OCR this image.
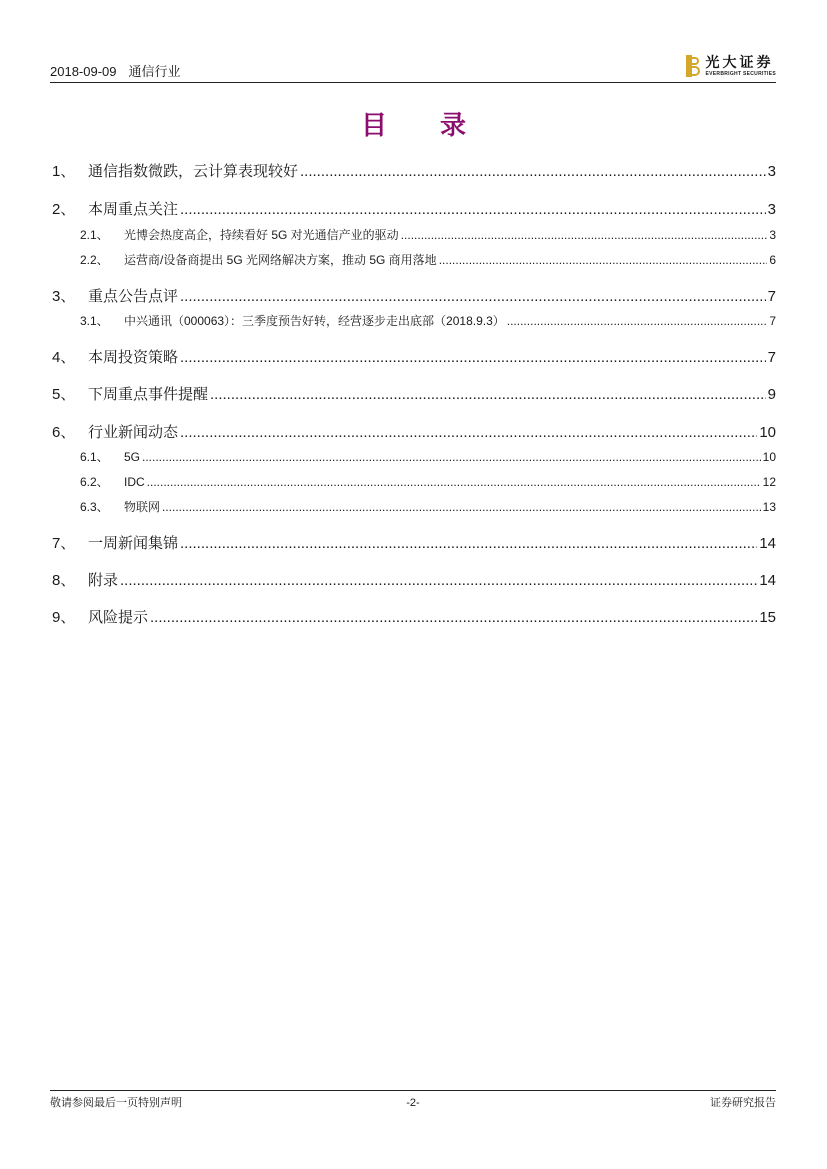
2018-09-09 通信行业
光大证券
EVERBRIGHT SECURITIES
目 录
1、 通信指数微跌，云计算表现较好 .....	3
2、 本周重点关注 .....	3
2.1、	光博会热度高企，持续看好 5G 对光通信产业的驱动 .....	3
2.2、	运营商/设备商提出 5G 光网络解决方案，推动 5G 商用落地 .....	6
3、 重点公告点评 .....	7
3.1、	中兴通讯（000063）：三季度预告好转，经营逐步走出底部（2018.9.3） .....	7
4、 本周投资策略 .....	7
5、 下周重点事件提醒 .....	9
6、 行业新闻动态 .....	10
6.1、	5G .....	10
6.2、	IDC .....	12
6.3、	物联网 .....	13
7、 一周新闻集锦 .....	14
8、 附录 .....	14
9、 风险提示 .....	15
敬请参阅最后一页特别声明	-2-	证券研究报告
